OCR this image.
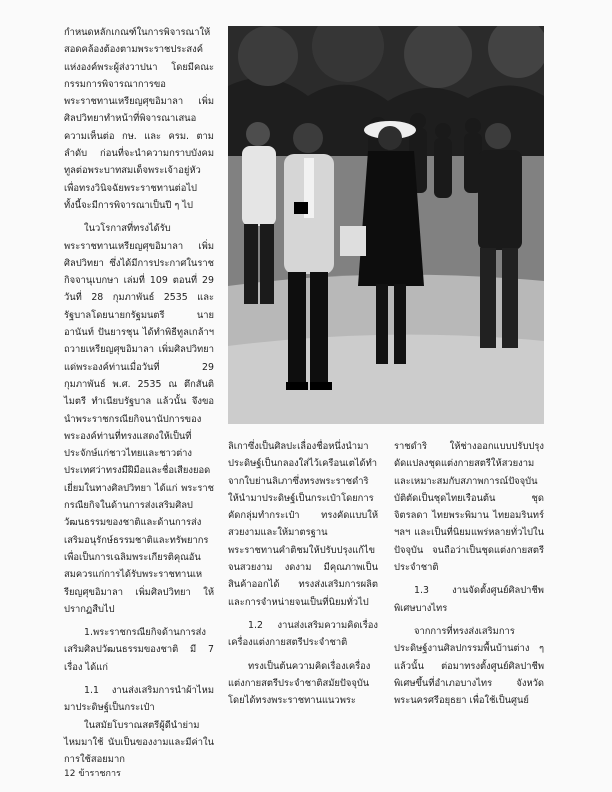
กำหนดหลักเกณฑ์ในการพิจารณาให้สอดคล้องต้องตามพระราชประสงค์แห่งองค์พระผู้ส่งวาปนา โดยมีคณะกรรมการพิจารณาการขอพระราชทานเหรียญศุขอิมาลา เพิ่มศิลปวิทยาทำหน้าที่พิจารณาเสนอความเห็นต่อ กษ. และ ครม. ตามลำดับ ก่อนที่จะนำความกราบบังคมทูลต่อพระบาทสมเด็จพระเจ้าอยู่หัว เพื่อทรงวินิจฉัยพระราชทานต่อไป ทั้งนี้จะมีการพิจารณาเป็นปี ๆ ไป

ในวโรกาสที่ทรงได้รับพระราชทานเหรียญศุขอิมาลา เพิ่มศิลปวิทยา ซึ่งได้มีการประกาศในราชกิจจานุเบกษา เล่มที่ 109 ตอนที่ 29 วันที่ 28 กุมภาพันธ์ 2535 และรัฐบาลโดยนายกรัฐมนตรี นายอานันท์ ปันยารชุน ได้ทำพิธีทูลเกล้าฯ ถวายเหรียญศุขอิมาลา เพิ่มศิลปวิทยา แด่พระองค์ท่านเมื่อวันที่ 29 กุมภาพันธ์ พ.ศ. 2535 ณ ตึกสันติไมตรี ทำเนียบรัฐบาล แล้วนั้น จึงขอนำพระราชกรณียกิจนานัปการของพระองค์ท่านที่ทรงแสดงให้เป็นที่ประจักษ์แก่ชาวไทยและชาวต่างประเทศว่าทรงมีฝีมือและชื่อเสียงยอดเยี่ยมในทางศิลปวิทยา ได้แก่ พระราชกรณียกิจในด้านการส่งเสริมศิลปวัฒนธรรมของชาติและด้านการส่งเสริมอนุรักษ์ธรรมชาติและทรัพยากร เพื่อเป็นการเฉลิมพระเกียรติคุณอันสมควรแก่การได้รับพระราชทานเหรียญศุขอิมาลา เพิ่มศิลปวิทยา ให้ปรากฏสืบไป

1.พระราชกรณียกิจด้านการส่งเสริมศิลปวัฒนธรรมของชาติ มี 7 เรื่อง ได้แก่

1.1 งานส่งเสริมการนำผ้าไหมมาประดิษฐ์เป็นกระเป๋า

ในสมัยโบราณสตรีผู้ดีนำย่ามไหมมาใช้ นับเป็นของงามและมีค่าในการใช้สอยมาก

ลิเกาซึ่งเป็นศิลปะเลื่องชื่อหนึ่งนำมาประดิษฐ์เป็นกลองใส่ไว้เครือนเตได้ทำจากใบย่านลิเภาซึ่งทรงพระราชดำริให้นำมาประดิษฐ์เป็นกระเป๋าโดยการคัดกลุ่มทำกระเป๋า ทรงคัดแบบให้สวยงามและให้มาตรฐานพระราชทานคำติชมให้ปรับปรุงแก้ไขจนสวยงาม งดงาม มีคุณภาพเป็นสินค้าออกได้ ทรงส่งเสริมการผลิตและการจำหน่ายจนเป็นที่นิยมทั่วไป

1.2 งานส่งเสริมความคิดเรื่องเครื่องแต่งกายสตรีประจำชาติ

ทรงเป็นต้นความคิดเรื่องเครื่องแต่งกายสตรีประจำชาติสมัยปัจจุบัน โดยได้ทรงพระราชทานแนวพระ

ราชดำริ ให้ช่างออกแบบปรับปรุงดัดแปลงชุดแต่งกายสตรีให้สวยงามและเหมาะสมกับสภาพการณ์ปัจจุบัน บัติตัดเป็นชุดไทยเรือนต้น ชุดจิตรลดา ไทยพระพิมาน ไทยอมรินทร์ ฯลฯ และเป็นที่นิยมแพร่หลายทั่วไปในปัจจุบัน จนถือว่าเป็นชุดแต่งกายสตรีประจำชาติ

1.3 งานจัดตั้งศูนย์ศิลปาชีพพิเศษบางไทร

จากการที่ทรงส่งเสริมการประดิษฐ์งานศิลปกรรมพื้นบ้านต่าง ๆ แล้วนั้น ต่อมาทรงตั้งศูนย์ศิลปาชีพพิเศษขึ้นที่อำเภอบางไทร จังหวัดพระนครศรีอยุธยา เพื่อใช้เป็นศูนย์

12 ข้าราชการ
